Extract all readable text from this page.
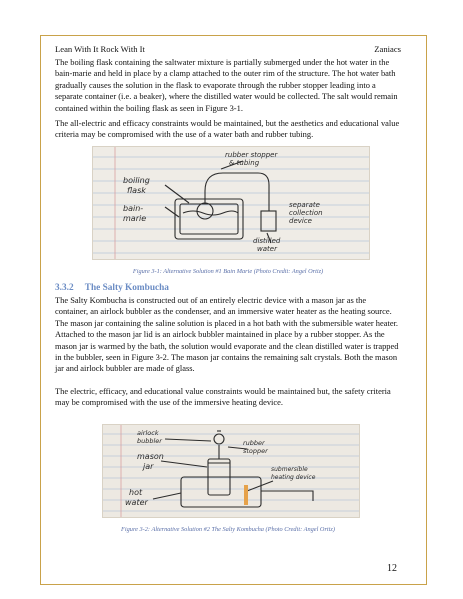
Lean With It Rock With It	Zaniacs

The boiling flask containing the saltwater mixture is partially submerged under the hot water in the bain-marie and held in place by a clamp attached to the outer rim of the structure. The hot water bath gradually causes the solution in the flask to evaporate through the rubber stopper leading into a separate container (i.e. a beaker), where the distilled water would be collected. The salt would remain contained within the boiling flask as seen in Figure 3-1.

The all-electric and efficacy constraints would be maintained, but the aesthetics and educational value criteria may be compromised with the use of a water bath and rubber tubing.

rubber stopper
& tubing
boiling
flask
bain-
marie
separate
collection
device
distilled
water
Figure 3-1: Alternative Solution #1 Bain Marie (Photo Credit: Angel Ortiz)
3.3.2 The Salty Kombucha

The Salty Kombucha is constructed out of an entirely electric device with a mason jar as the container, an airlock bubbler as the condenser, and an immersive water heater as the heating source. The mason jar containing the saline solution is placed in a hot bath with the submersible water heater. Attached to the mason jar lid is an airlock bubbler maintained in place by a rubber stopper. As the mason jar is warmed by the bath, the solution would evaporate and the clean distilled water is trapped in the bubbler, seen in Figure 3-2. The mason jar contains the remaining salt crystals. Both the mason jar and airlock bubbler are made of glass.

The electric, efficacy, and educational value constraints would be maintained but, the safety criteria may be compromised with the use of the immersive heating device.

airlock
bubbler	rubber
stopper
mason
jar	submersible
heating device
hot
water
Figure 3-2: Alternative Solution #2 The Salty Kombucha (Photo Credit: Angel Ortiz)
12
